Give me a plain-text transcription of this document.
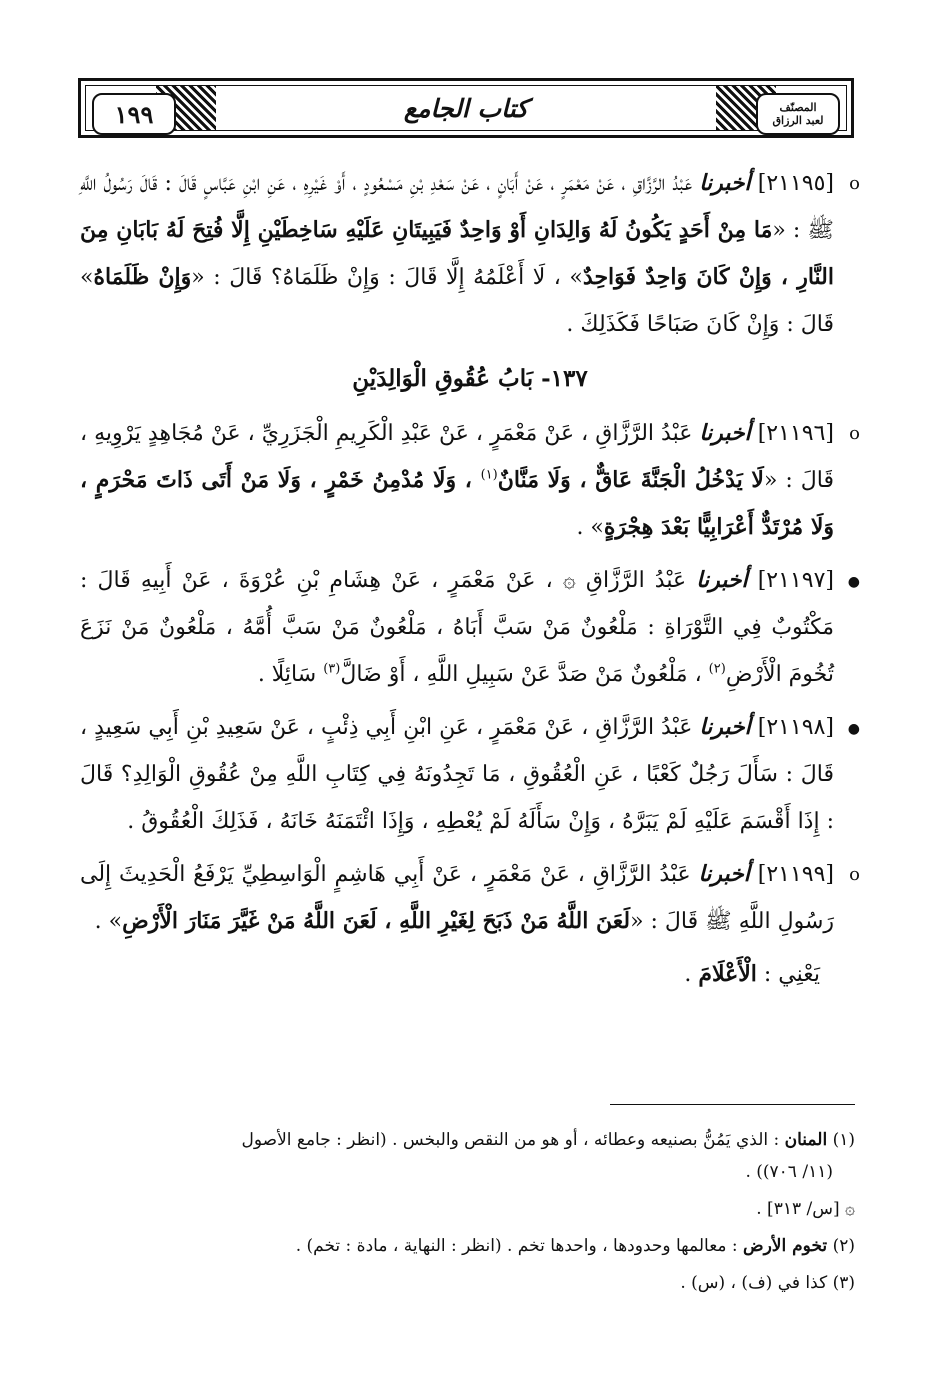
١٩٩	المصنّف
لعبد الرزاق
كتاب الجامع
o
[٢١١٩٥] أخبرنا عَبْدُ الرَّزَّاقِ ، عَنْ مَعْمَرٍ ، عَنْ أَبَانٍ ، عَنْ سَعْدِ بْنِ مَسْعُودٍ ، أَوْ غَيْرِهِ ، عَنِ ابْنِ عَبَّاسٍ قَالَ : قَالَ رَسُولُ اللَّهِ ﷺ : «مَا مِنْ أَحَدٍ يَكُونُ لَهُ وَالِدَانِ أَوْ وَاحِدٌ فَيَبِيتَانِ عَلَيْهِ سَاخِطَيْنِ إِلَّا فُتِحَ لَهُ بَابَانِ مِنَ النَّارِ ، وَإِنْ كَانَ وَاحِدٌ فَوَاحِدٌ» ، لَا أَعْلَمُهُ إِلَّا قَالَ : وَإِنْ ظَلَمَاهُ؟ قَالَ : «وَإِنْ ظَلَمَاهُ» قَالَ : وَإِنْ كَانَ صَبَاحًا فَكَذَلِكَ .
١٣٧- بَابُ عُقُوقِ الْوَالِدَيْنِ
o
[٢١١٩٦] أخبرنا عَبْدُ الرَّزَّاقِ ، عَنْ مَعْمَرٍ ، عَنْ عَبْدِ الْكَرِيمِ الْجَزَرِيِّ ، عَنْ مُجَاهِدٍ يَرْوِيهِ ، قَالَ : «لَا يَدْخُلُ الْجَنَّةَ عَاقٌّ ، وَلَا مَنَّانٌ$^{(١)}$ ، وَلَا مُدْمِنُ خَمْرٍ ، وَلَا مَنْ أَتَى ذَاتَ مَحْرَمٍ ، وَلَا مُرْتَدٌّ أَعْرَابِيًّا بَعْدَ هِجْرَةٍ» .
●
[٢١١٩٧] أخبرنا عَبْدُ الرَّزَّاقِ ۞ ، عَنْ مَعْمَرٍ ، عَنْ هِشَامِ بْنِ عُرْوَةَ ، عَنْ أَبِيهِ قَالَ : مَكْتُوبٌ فِي التَّوْرَاةِ : مَلْعُونٌ مَنْ سَبَّ أَبَاهُ ، مَلْعُونٌ مَنْ سَبَّ أُمَّهُ ، مَلْعُونٌ مَنْ نَزَعَ تُخُومَ الْأَرْضِ$^{(٢)}$ ، مَلْعُونٌ مَنْ صَدَّ عَنْ سَبِيلِ اللَّهِ ، أَوْ ضَالَّ$^{(٣)}$ سَائِلًا .
●
[٢١١٩٨] أخبرنا عَبْدُ الرَّزَّاقِ ، عَنْ مَعْمَرٍ ، عَنِ ابْنِ أَبِي ذِئْبٍ ، عَنْ سَعِيدِ بْنِ أَبِي سَعِيدٍ ، قَالَ : سَأَلَ رَجُلٌ كَعْبًا ، عَنِ الْعُقُوقِ ، مَا تَجِدُونَهُ فِي كِتَابِ اللَّهِ مِنْ عُقُوقِ الْوَالِدِ؟ قَالَ : إِذَا أَقْسَمَ عَلَيْهِ لَمْ يَبَرَّهُ ، وَإِنْ سَأَلَهُ لَمْ يُعْطِهِ ، وَإِذَا ائْتَمَنَهُ خَانَهُ ، فَذَلِكَ الْعُقُوقُ .
o
[٢١١٩٩] أخبرنا عَبْدُ الرَّزَّاقِ ، عَنْ مَعْمَرٍ ، عَنْ أَبِي هَاشِمٍ الْوَاسِطِيِّ يَرْفَعُ الْحَدِيثَ إِلَى رَسُولِ اللَّهِ ﷺ قَالَ : «لَعَنَ اللَّهُ مَنْ ذَبَحَ لِغَيْرِ اللَّهِ ، لَعَنَ اللَّهُ مَنْ غَيَّرَ مَنَارَ الْأَرْضِ» .
يَعْنِي : الْأَعْلَامَ .
(١) المنان : الذي يَمُنُّ بصنيعه وعطائه ، أو هو من النقص والبخس . (انظر : جامع الأصول
(١١/ ٧٠٦)) .
۞ [س/ ٣١٣] .
(٢) تخوم الأرض : معالمها وحدودها ، واحدها تخم . (انظر : النهاية ، مادة : تخم) .
(٣) كذا في (ف) ، (س) .
